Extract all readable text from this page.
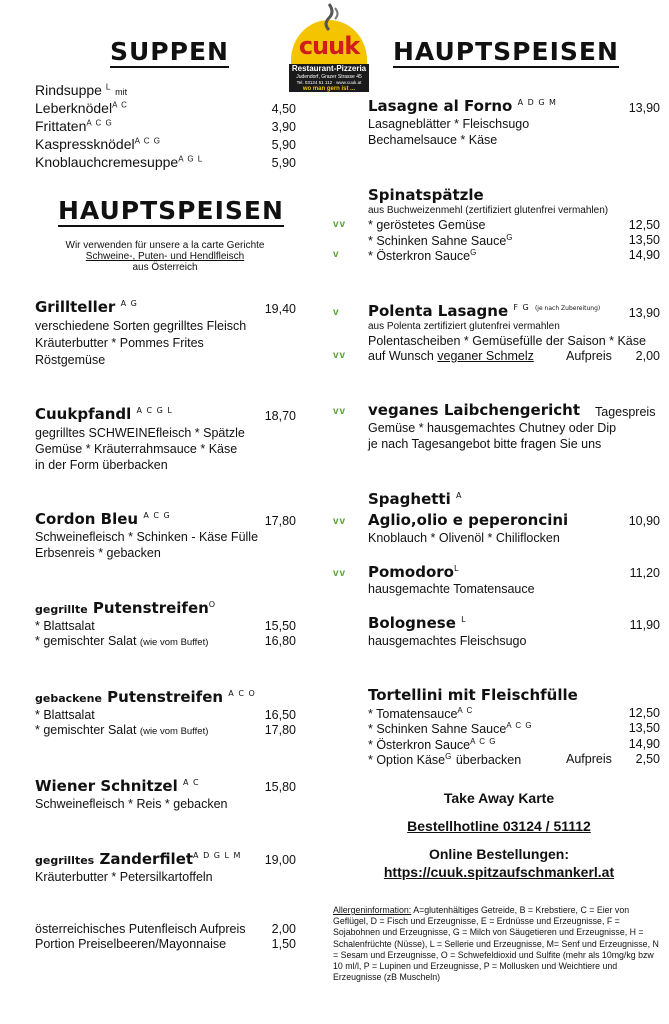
cuuk
Restaurant-Pizzeria
Judendorf, Grazer Strasse 45
Tel. 03124 51 112 · www.cuuk.at
wo man gern ist ...
SUPPEN
Rindsuppe $^L$ mit
Leberknödel$^{A C}$	4,50
Frittaten$^{A C G}$	3,90
Kaspressknödel$^{A C G}$	5,90
Knoblauchcremesuppe$^{A G L}$	5,90
HAUPTSPEISEN
Wir verwenden für unsere a la carte Gerichte
Schweine-, Puten- und Hendlfleisch
aus Österreich
Grillteller $^{A G}$	19,40
verschiedene Sorten gegrilltes Fleisch
Kräuterbutter * Pommes Frites
Röstgemüse
Cuukpfandl $^{A C G L}$	18,70
gegrilltes SCHWEINEfleisch * Spätzle
Gemüse * Kräuterrahmsauce * Käse
in der Form überbacken
Cordon Bleu $^{A C G}$	17,80
Schweinefleisch * Schinken - Käse Fülle
Erbsenreis * gebacken
gegrillte Putenstreifen$^O$
* Blattsalat	15,50
* gemischter Salat (wie vom Buffet)	16,80
gebackene Putenstreifen $^{A C O}$
* Blattsalat	16,50
* gemischter Salat (wie vom Buffet)	17,80
Wiener Schnitzel $^{A C}$	15,80
Schweinefleisch * Reis * gebacken
gegrilltes Zanderfilet$^{A D G L M}$	19,00
Kräuterbutter * Petersilkartoffeln
österreichisches Putenfleisch Aufpreis	2,00
Portion Preiselbeeren/Mayonnaise	1,50
HAUPTSPEISEN
Lasagne al Forno $^{A D G M}$	13,90
Lasagneblätter * Fleischsugo
Bechamelsauce * Käse
Spinatspätzle
aus Buchweizenmehl (zertifiziert glutenfrei vermahlen)
vv * geröstetes Gemüse	12,50
* Schinken Sahne Sauce$^G$	13,50
v * Österkron Sauce$^G$	14,90
v Polenta Lasagne $^{F G}$ $^{(je nach Zubereitung)}$	13,90
aus Polenta zertifiziert glutenfrei vermahlen
Polentascheiben * Gemüsefülle der Saison * Käse
vv auf Wunsch veganer Schmelz	Aufpreis	2,00
vv veganes Laibchengericht Tagespreis
Gemüse * hausgemachtes Chutney oder Dip
je nach Tagesangebot bitte fragen Sie uns
Spaghetti $^A$
vv Aglio,olio e peperoncini	10,90
Knoblauch * Olivenöl * Chiliflocken
vv Pomodoro$^L$	11,20
hausgemachte Tomatensauce
Bolognese $^L$	11,90
hausgemachtes Fleischsugo
Tortellini mit Fleischfülle
* Tomatensauce$^{A C}$	12,50
* Schinken Sahne Sauce$^{A C G}$	13,50
* Österkron Sauce$^{A C G}$	14,90
* Option Käse$^G$ überbacken	Aufpreis	2,50
Take Away Karte
Bestellhotline 03124 / 51112
Online Bestellungen:
https://cuuk.spitzaufschmankerl.at
Allergeninformation: A=glutenhältiges Getreide, B = Krebstiere, C = Eier von Geflügel, D = Fisch und Erzeugnisse, E = Erdnüsse und Erzeugnisse, F = Sojabohnen und Erzeugnisse, G = Milch von Säugetieren und Erzeugnisse, H = Schalenfrüchte (Nüsse), L = Sellerie und Erzeugnisse, M= Senf und Erzeugnisse, N = Sesam und Erzeugnisse, O = Schwefeldioxid und Sulfite (mehr als 10mg/kg bzw 10 ml/l, P = Lupinen und Erzeugnisse, P = Mollusken und Weichtiere und Erzeugnisse (zB Muscheln)
